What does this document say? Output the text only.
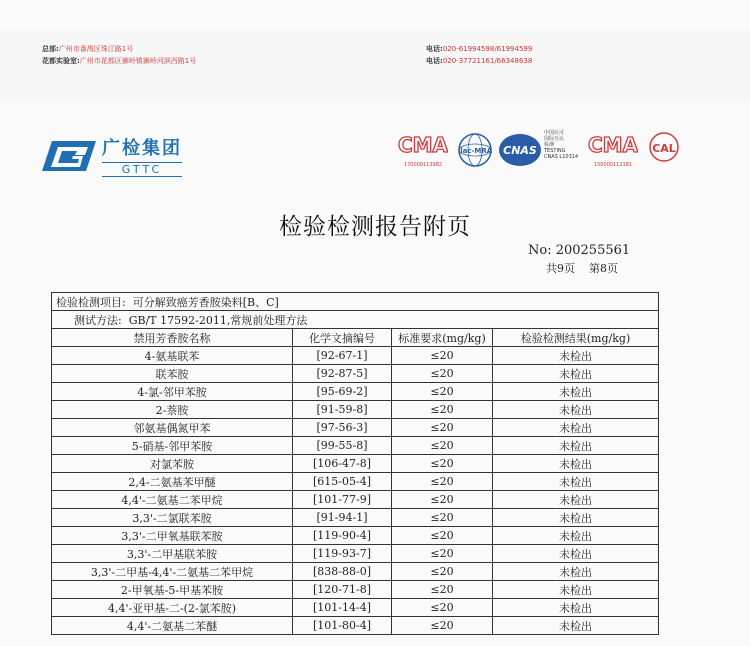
总部:广州市番禺区珠江路1号
花都实验室:广州市花都区狮岭镇狮岭河滨西路1号
电话:020-61994598/61994599
电话:020-37721161/66348638
广检集团
GTTC
CMA
170000113982
ilac-MRA CNAS
中国认可
国际互认
检测
TESTING
CNAS L10314 CMA
150000112181
CAL
检验检测报告附页
No: 200255561
共9页    第8页
检验检测项目: 可分解致癌芳香胺染料[B、C]			
测试方法: GB/T 17592-2011,常规前处理方法			
禁用芳香胺名称	化学文摘编号	标准要求(mg/kg)	检验检测结果(mg/kg)
4-氨基联苯	[92-67-1]	≤20	未检出
联苯胺	[92-87-5]	≤20	未检出
4-氯-邻甲苯胺	[95-69-2]	≤20	未检出
2-萘胺	[91-59-8]	≤20	未检出
邻氨基偶氮甲苯	[97-56-3]	≤20	未检出
5-硝基-邻甲苯胺	[99-55-8]	≤20	未检出
对氯苯胺	[106-47-8]	≤20	未检出
2,4-二氨基苯甲醚	[615-05-4]	≤20	未检出
4,4'-二氨基二苯甲烷	[101-77-9]	≤20	未检出
3,3'-二氯联苯胺	[91-94-1]	≤20	未检出
3,3'-二甲氧基联苯胺	[119-90-4]	≤20	未检出
3,3'-二甲基联苯胺	[119-93-7]	≤20	未检出
3,3'-二甲基-4,4'-二氨基二苯甲烷	[838-88-0]	≤20	未检出
2-甲氧基-5-甲基苯胺	[120-71-8]	≤20	未检出
4,4'-亚甲基-二-(2-氯苯胺)	[101-14-4]	≤20	未检出
4,4'-二氨基二苯醚	[101-80-4]	≤20	未检出
